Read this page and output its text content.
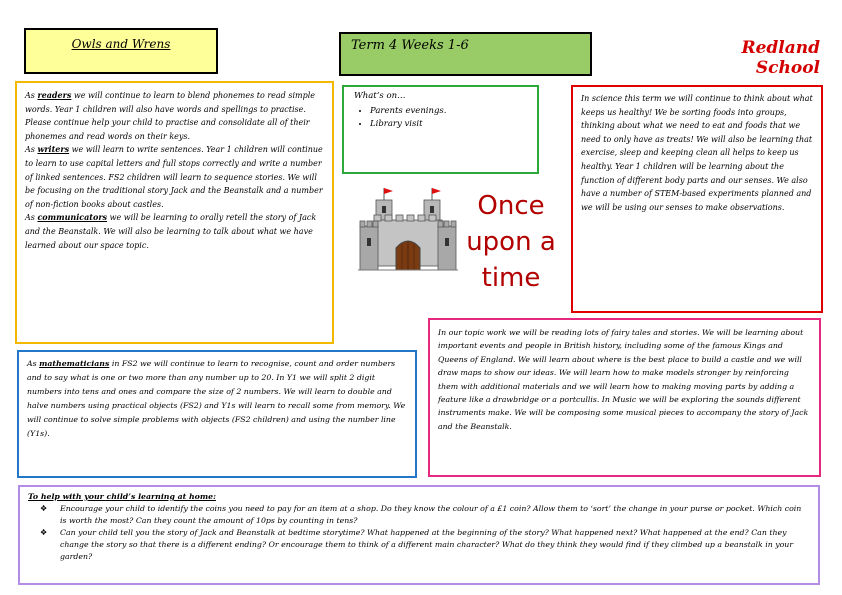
Owls and Wrens	Term 4 Weeks 1-6	Redland School

As readers we will continue to learn to blend phonemes to read simple words. Year 1 children will also have words and spellings to practise. Please continue help your child to practise and consolidate all of their phonemes and read words on their keys.

As writers we will learn to write sentences. Year 1 children will continue to learn to use capital letters and full stops correctly and write a number of linked sentences. FS2 children will learn to sequence stories. We will be focusing on the traditional story Jack and the Beanstalk and a number of non-fiction books about castles.

As communicators we will be learning to orally retell the story of Jack and the Beanstalk. We will also be learning to talk about what we have learned about our space topic.

What’s on…
• Parents evenings.
• Library visit
Once
upon a
time

In science this term we will continue to think about what keeps us healthy! We be sorting foods into groups, thinking about what we need to eat and foods that we need to only have as treats! We will also be learning that exercise, sleep and keeping clean all helps to keep us healthy. Year 1 children will be learning about the function of different body parts and our senses. We also have a number of STEM-based experiments planned and we will be using our senses to make observations.

In our topic work we will be reading lots of fairy tales and stories. We will be learning about important events and people in British history, including some of the famous Kings and Queens of England. We will learn about where is the best place to build a castle and we will draw maps to show our ideas. We will learn how to make models stronger by reinforcing them with additional materials and we will learn how to making moving parts by adding a feature like a drawbridge or a portcullis. In Music we will be exploring the sounds different instruments make. We will be composing some musical pieces to accompany the story of Jack and the Beanstalk.

As mathematicians in FS2 we will continue to learn to recognise, count and order numbers and to say what is one or two more than any number up to 20. In Y1 we will split 2 digit numbers into tens and ones and compare the size of 2 numbers. We will learn to double and halve numbers using practical objects (FS2) and Y1s will learn to recall some from memory. We will continue to solve simple problems with objects (FS2 children) and using the number line (Y1s).

To help with your child’s learning at home:
❖ Encourage your child to identify the coins you need to pay for an item at a shop. Do they know the colour of a £1 coin? Allow them to ‘sort’ the change in your purse or pocket. Which coin is worth the most? Can they count the amount of 10ps by counting in tens?
❖ Can your child tell you the story of Jack and Beanstalk at bedtime storytime? What happened at the beginning of the story? What happened next? What happened at the end? Can they change the story so that there is a different ending? Or encourage them to think of a different main character? What do they think they would find if they climbed up a beanstalk in your garden?
